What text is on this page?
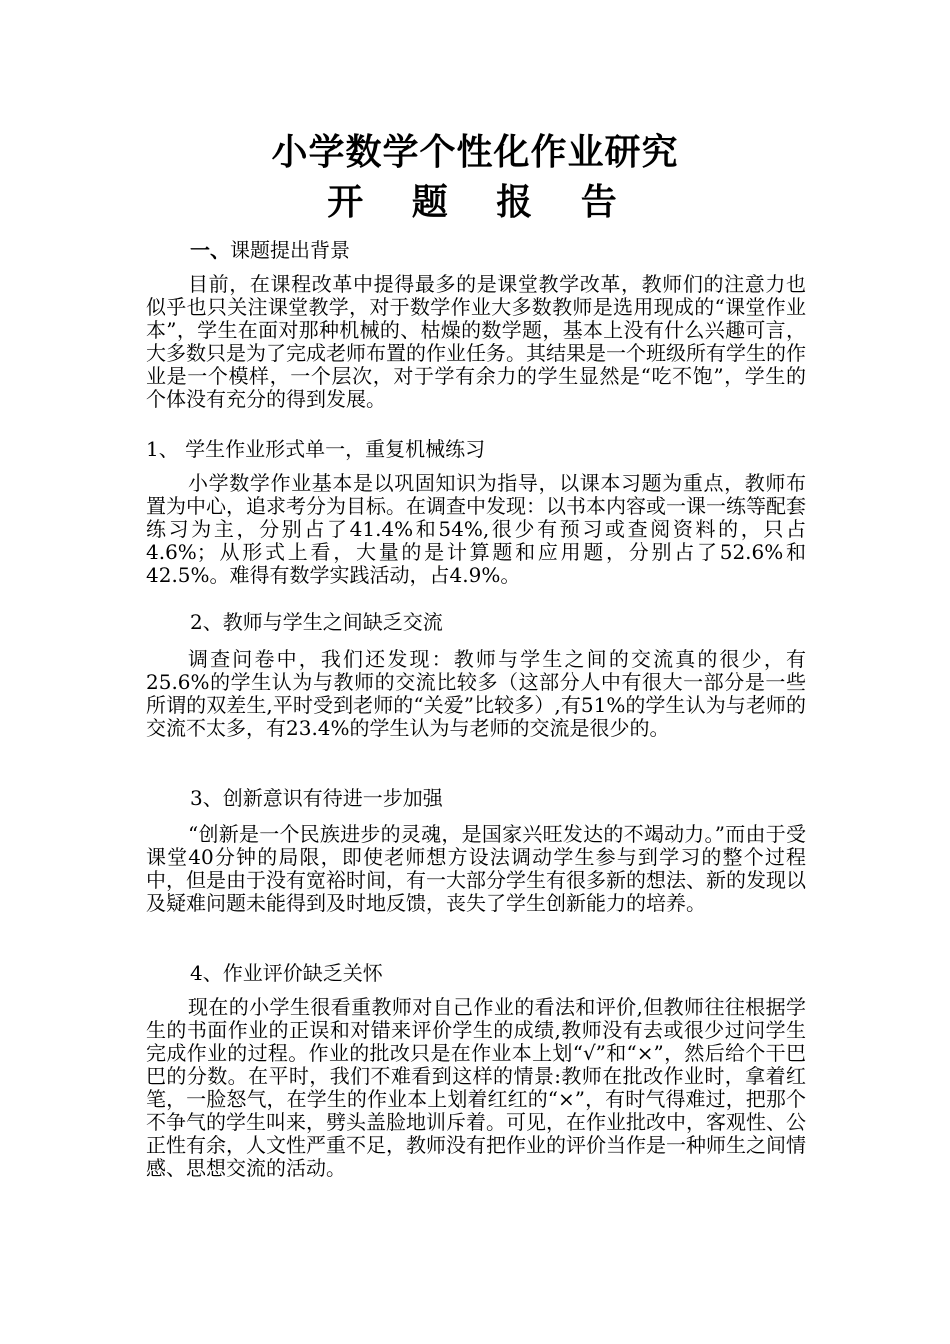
小学数学个性化作业研究
开 题 报 告
一、课题提出背景

目前，在课程改革中提得最多的是课堂教学改革，教师们的注意力也似乎也只关注课堂教学，对于数学作业大多数教师是选用现成的“课堂作业本”，学生在面对那种机械的、枯燥的数学题，基本上没有什么兴趣可言，大多数只是为了完成老师布置的作业任务。其结果是一个班级所有学生的作业是一个模样，一个层次，对于学有余力的学生显然是“吃不饱”，学生的个体没有充分的得到发展。

1、 学生作业形式单一，重复机械练习

小学数学作业基本是以巩固知识为指导，以课本习题为重点，教师布置为中心，追求考分为目标。在调查中发现：以书本内容或一课一练等配套练习为主，分别占了41.4%和54%,很少有预习或查阅资料的，只占4.6%；从形式上看，大量的是计算题和应用题，分别占了52.6%和42.5%。难得有数学实践活动，占4.9%。

2、教师与学生之间缺乏交流

调查问卷中，我们还发现：教师与学生之间的交流真的很少，有25.6%的学生认为与教师的交流比较多（这部分人中有很大一部分是一些所谓的双差生,平时受到老师的“关爱”比较多）,有51%的学生认为与老师的交流不太多，有23.4%的学生认为与老师的交流是很少的。

3、创新意识有待进一步加强

“创新是一个民族进步的灵魂，是国家兴旺发达的不竭动力。”而由于受课堂40分钟的局限，即使老师想方设法调动学生参与到学习的整个过程中，但是由于没有宽裕时间，有一大部分学生有很多新的想法、新的发现以及疑难问题未能得到及时地反馈，丧失了学生创新能力的培养。

4、作业评价缺乏关怀

现在的小学生很看重教师对自己作业的看法和评价,但教师往往根据学生的书面作业的正误和对错来评价学生的成绩,教师没有去或很少过问学生完成作业的过程。作业的批改只是在作业本上划“√”和“×”，然后给个干巴巴的分数。在平时，我们不难看到这样的情景:教师在批改作业时，拿着红笔，一脸怒气，在学生的作业本上划着红红的“×”，有时气得难过，把那个不争气的学生叫来，劈头盖脸地训斥着。可见，在作业批改中，客观性、公正性有余，人文性严重不足，教师没有把作业的评价当作是一种师生之间情感、思想交流的活动。
